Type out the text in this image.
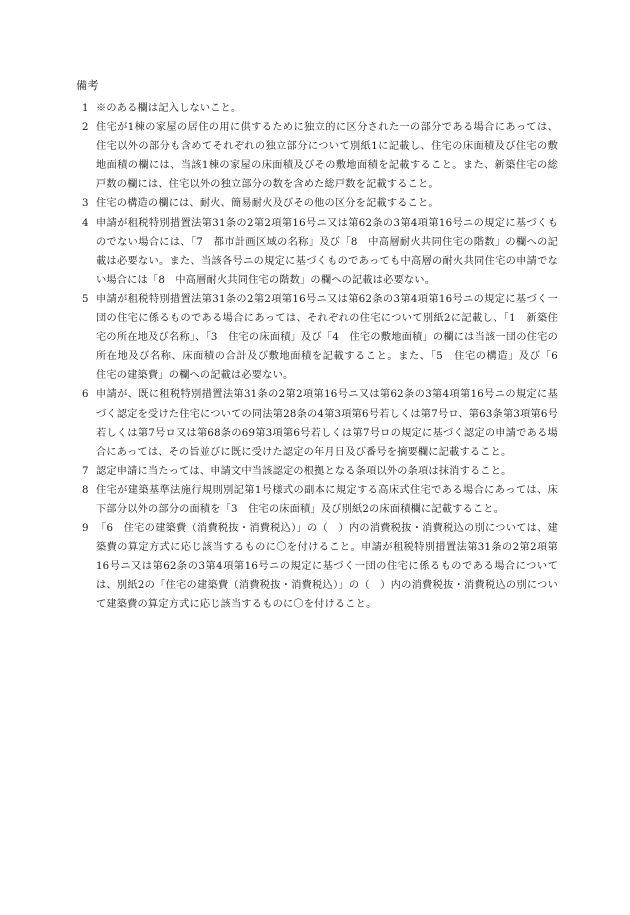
備考
1 ※のある欄は記入しないこと。
2 住宅が1棟の家屋の居住の用に供するために独立的に区分された一の部分である場合にあっては、住宅以外の部分も含めてそれぞれの独立部分について別紙1に記載し、住宅の床面積及び住宅の敷地面積の欄には、当該1棟の家屋の床面積及びその敷地面積を記載すること。また、新築住宅の総戸数の欄には、住宅以外の独立部分の数を含めた総戸数を記載すること。
3 住宅の構造の欄には、耐火、簡易耐火及びその他の区分を記載すること。
4 申請が租税特別措置法第31条の2第2項第16号ニ又は第62条の3第4項第16号ニの規定に基づくものでない場合には、「7　都市計画区域の名称」及び「8　中高層耐火共同住宅の階数」の欄への記載は必要ない。また、当該各号ニの規定に基づくものであっても中高層の耐火共同住宅の申請でない場合には「8　中高層耐火共同住宅の階数」の欄への記載は必要ない。
5 申請が租税特別措置法第31条の2第2項第16号ニ又は第62条の3第4項第16号ニの規定に基づく一団の住宅に係るものである場合にあっては、それぞれの住宅について別紙2に記載し、「1　新築住宅の所在地及び名称」、「3　住宅の床面積」及び「4　住宅の敷地面積」の欄には当該一団の住宅の所在地及び名称、床面積の合計及び敷地面積を記載すること。また、「5　住宅の構造」及び「6　住宅の建築費」の欄への記載は必要ない。
6 申請が、既に租税特別措置法第31条の2第2項第16号ニ又は第62条の3第4項第16号ニの規定に基づく認定を受けた住宅についての同法第28条の4第3項第6号若しくは第7号ロ、第63条第3項第6号若しくは第7号ロ又は第68条の69第3項第6号若しくは第7号ロの規定に基づく認定の申請である場合にあっては、その旨並びに既に受けた認定の年月日及び番号を摘要欄に記載すること。
7 認定申請に当たっては、申請文中当該認定の根拠となる条項以外の条項は抹消すること。
8 住宅が建築基準法施行規則別記第1号様式の副本に規定する高床式住宅である場合にあっては、床下部分以外の部分の面積を「3　住宅の床面積」及び別紙2の床面積欄に記載すること。
9 「6　住宅の建築費（消費税抜・消費税込）」の（　）内の消費税抜・消費税込の別については、建築費の算定方式に応じ該当するものに〇を付けること。申請が租税特別措置法第31条の2第2項第16号ニ又は第62条の3第4項第16号ニの規定に基づく一団の住宅に係るものである場合については、別紙2の「住宅の建築費（消費税抜・消費税込）」の（　）内の消費税抜・消費税込の別について建築費の算定方式に応じ該当するものに〇を付けること。
